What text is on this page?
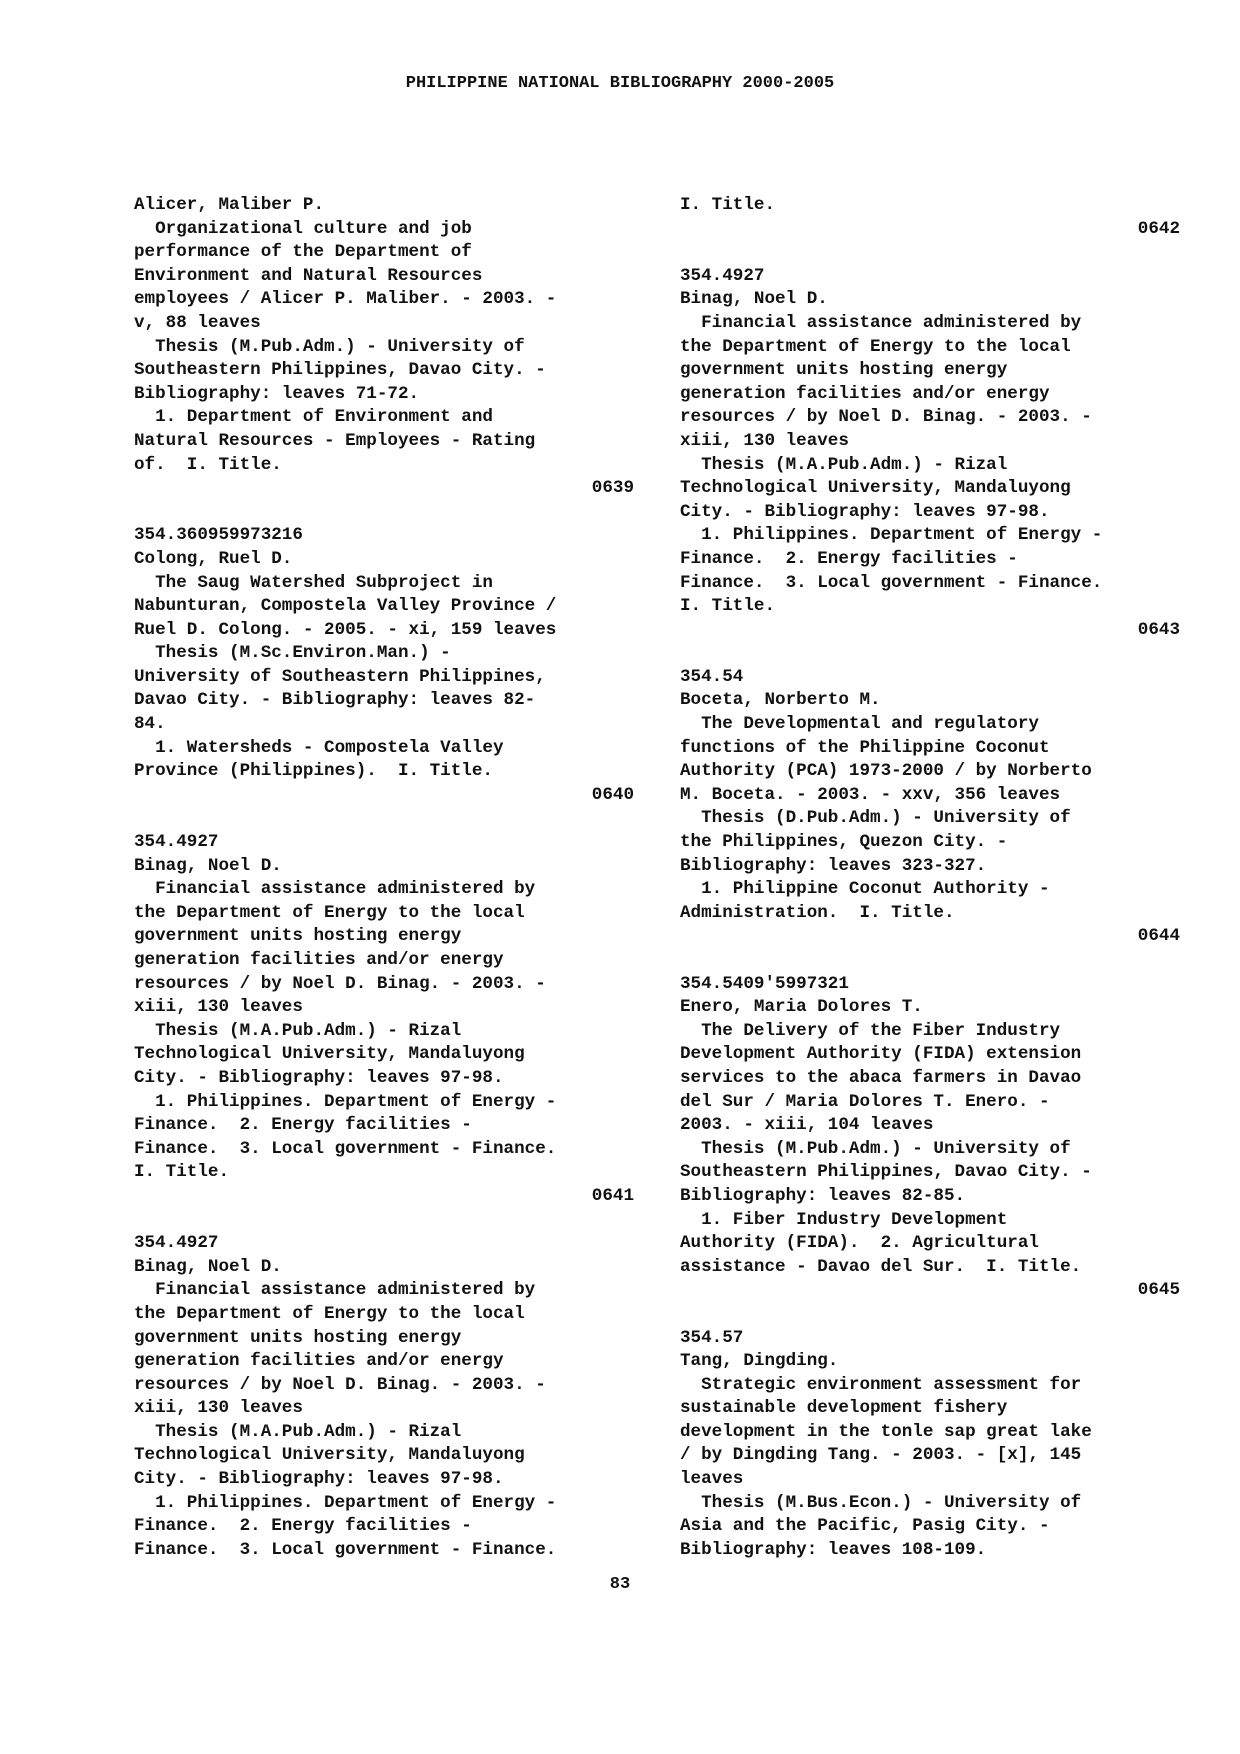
PHILIPPINE NATIONAL BIBLIOGRAPHY 2000-2005
Alicer, Maliber P.
Organizational culture and job
performance of the Department of
Environment and Natural Resources
employees / Alicer P. Maliber. - 2003. -
v, 88 leaves
Thesis (M.Pub.Adm.) - University of
Southeastern Philippines, Davao City. -
Bibliography: leaves 71-72.
1. Department of Environment and
Natural Resources - Employees - Rating
of.  I. Title.
0639
354.360959973216
Colong, Ruel D.
The Saug Watershed Subproject in
Nabunturan, Compostela Valley Province /
Ruel D. Colong. - 2005. - xi, 159 leaves
Thesis (M.Sc.Environ.Man.) -
University of Southeastern Philippines,
Davao City. - Bibliography: leaves 82-
84.
1. Watersheds - Compostela Valley
Province (Philippines).  I. Title.
0640
354.4927
Binag, Noel D.
Financial assistance administered by
the Department of Energy to the local
government units hosting energy
generation facilities and/or energy
resources / by Noel D. Binag. - 2003. -
xiii, 130 leaves
Thesis (M.A.Pub.Adm.) - Rizal
Technological University, Mandaluyong
City. - Bibliography: leaves 97-98.
1. Philippines. Department of Energy -
Finance.  2. Energy facilities -
Finance.  3. Local government - Finance.
I. Title.
0641
354.4927
Binag, Noel D.
Financial assistance administered by
the Department of Energy to the local
government units hosting energy
generation facilities and/or energy
resources / by Noel D. Binag. - 2003. -
xiii, 130 leaves
Thesis (M.A.Pub.Adm.) - Rizal
Technological University, Mandaluyong
City. - Bibliography: leaves 97-98.
1. Philippines. Department of Energy -
Finance.  2. Energy facilities -
Finance.  3. Local government - Finance.
I. Title.
0642
354.4927
Binag, Noel D.
Financial assistance administered by
the Department of Energy to the local
government units hosting energy
generation facilities and/or energy
resources / by Noel D. Binag. - 2003. -
xiii, 130 leaves
Thesis (M.A.Pub.Adm.) - Rizal
Technological University, Mandaluyong
City. - Bibliography: leaves 97-98.
1. Philippines. Department of Energy -
Finance.  2. Energy facilities -
Finance.  3. Local government - Finance.
I. Title.
0643
354.54
Boceta, Norberto M.
The Developmental and regulatory
functions of the Philippine Coconut
Authority (PCA) 1973-2000 / by Norberto
M. Boceta. - 2003. - xxv, 356 leaves
Thesis (D.Pub.Adm.) - University of
the Philippines, Quezon City. -
Bibliography: leaves 323-327.
1. Philippine Coconut Authority -
Administration.  I. Title.
0644
354.5409'5997321
Enero, Maria Dolores T.
The Delivery of the Fiber Industry
Development Authority (FIDA) extension
services to the abaca farmers in Davao
del Sur / Maria Dolores T. Enero. -
2003. - xiii, 104 leaves
Thesis (M.Pub.Adm.) - University of
Southeastern Philippines, Davao City. -
Bibliography: leaves 82-85.
1. Fiber Industry Development
Authority (FIDA).  2. Agricultural
assistance - Davao del Sur.  I. Title.
0645
354.57
Tang, Dingding.
Strategic environment assessment for
sustainable development fishery
development in the tonle sap great lake
/ by Dingding Tang. - 2003. - [x], 145
leaves
Thesis (M.Bus.Econ.) - University of
Asia and the Pacific, Pasig City. -
Bibliography: leaves 108-109.
83
